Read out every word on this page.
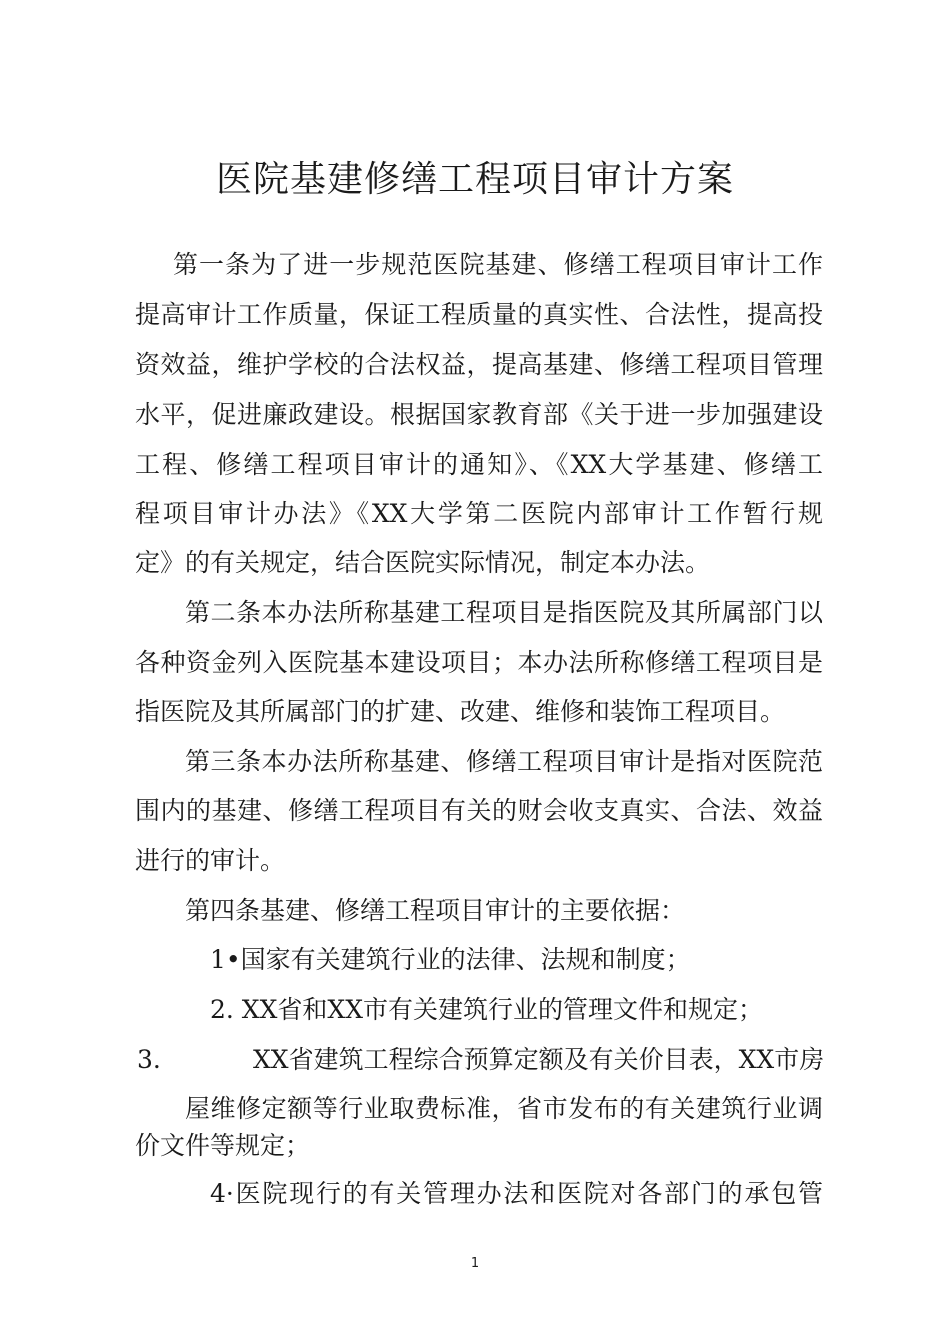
医院基建修缮工程项目审计方案

第一条为了进一步规范医院基建、修缮工程项目审计工作

提高审计工作质量，保证工程质量的真实性、合法性，提高投

资效益，维护学校的合法权益，提高基建、修缮工程项目管理

水平，促进廉政建设。根据国家教育部《关于进一步加强建设

工程、修缮工程项目审计的通知》、《XX大学基建、修缮工

程项目审计办法》《XX大学第二医院内部审计工作暂行规

定》的有关规定，结合医院实际情况，制定本办法。

第二条本办法所称基建工程项目是指医院及其所属部门以

各种资金列入医院基本建设项目；本办法所称修缮工程项目是

指医院及其所属部门的扩建、改建、维修和装饰工程项目。

第三条本办法所称基建、修缮工程项目审计是指对医院范

围内的基建、修缮工程项目有关的财会收支真实、合法、效益

进行的审计。

第四条基建、修缮工程项目审计的主要依据：

1•国家有关建筑行业的法律、法规和制度；

2. XX省和XX市有关建筑行业的管理文件和规定；

3.	XX省建筑工程综合预算定额及有关价目表，XX市房

屋维修定额等行业取费标准，省市发布的有关建筑行业调

价文件等规定；

4·医院现行的有关管理办法和医院对各部门的承包管

1
